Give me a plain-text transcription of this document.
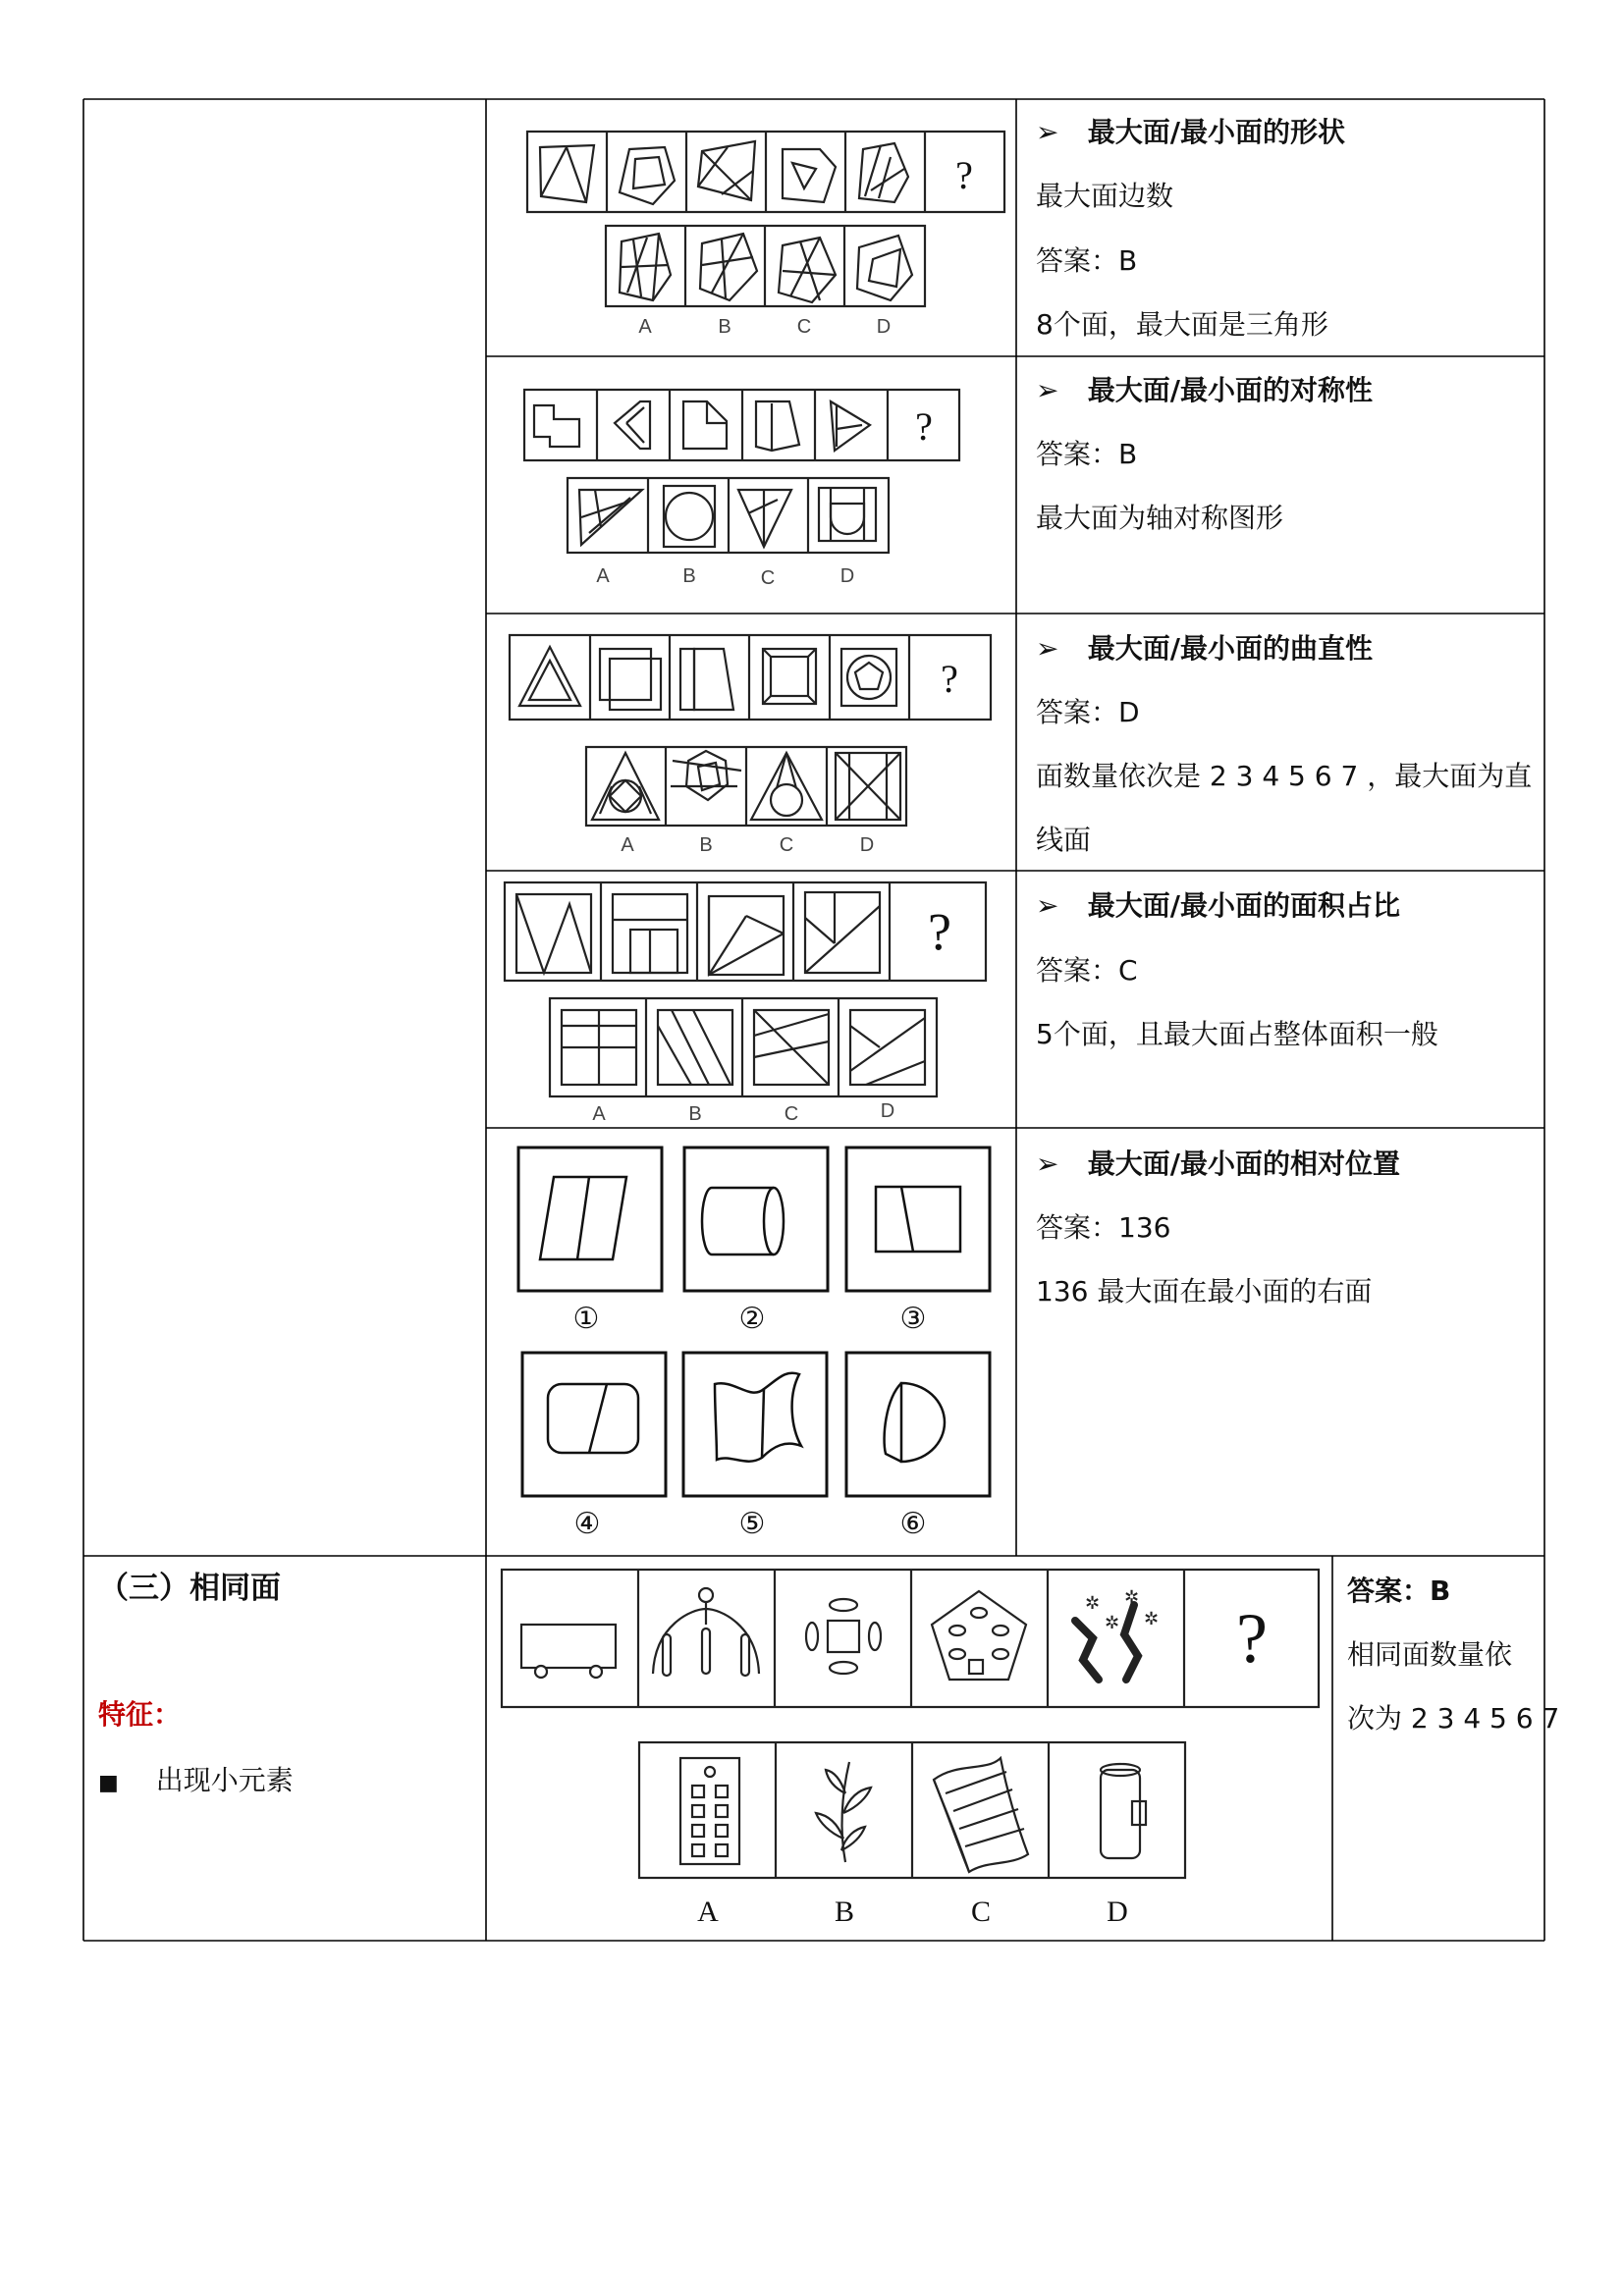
?
A	B	C	D
➢ 最大面/最小面的形状
最大面边数
答案：B
8个面，最大面是三角形
?
A	B	C	D
➢ 最大面/最小面的对称性
答案：B
最大面为轴对称图形
?
A	B	C	D
➢ 最大面/最小面的曲直性
答案：D
面数量依次是 2 3 4 5 6 7 ，最大面为直
线面
?
A	B	C	D
➢ 最大面/最小面的面积占比
答案：C
5个面，且最大面占整体面积一般
①	②	③
④	⑤	⑥
➢ 最大面/最小面的相对位置
答案：136
136 最大面在最小面的右面
（三）相同面
特征：
■ 出现小元素
✲
✲
✲
✲ ?
A	B	C	D
答案：B
相同面数量依
次为 2 3 4 5 6 7
